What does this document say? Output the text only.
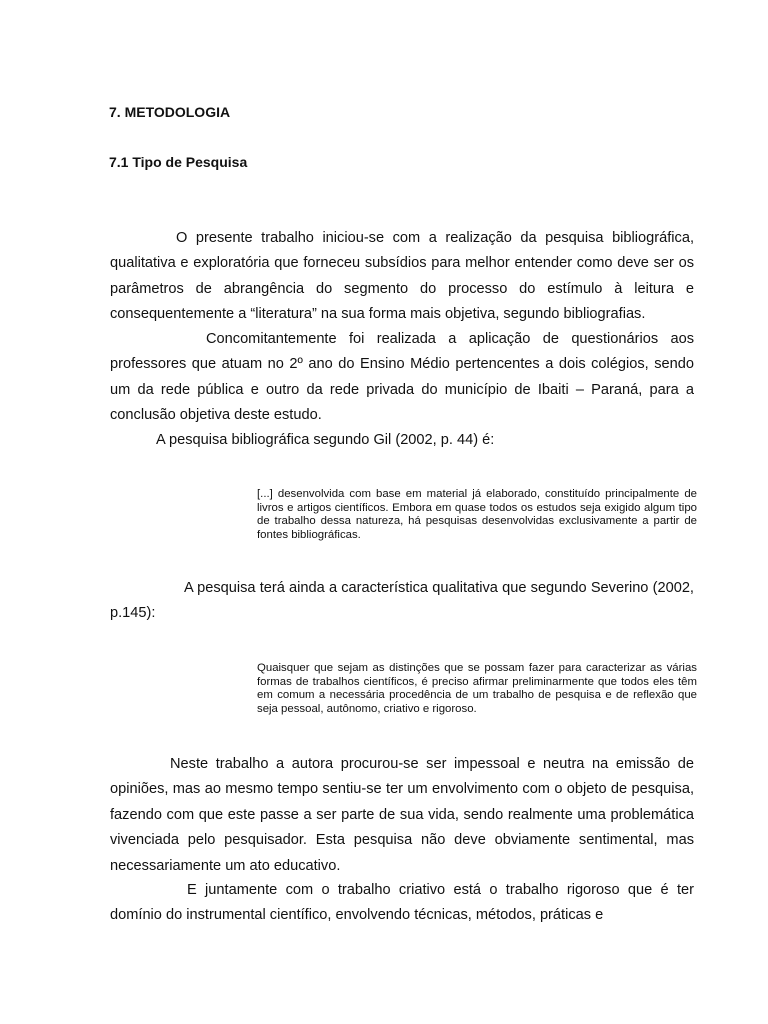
7. METODOLOGIA
7.1 Tipo de Pesquisa

O presente trabalho iniciou-se com a realização da pesquisa bibliográfica, qualitativa e exploratória que forneceu subsídios para melhor entender como deve ser os parâmetros de abrangência do segmento do processo do estímulo à leitura e consequentemente a “literatura” na sua forma mais objetiva, segundo bibliografias.

Concomitantemente foi realizada a aplicação de questionários aos professores que atuam no 2º ano do Ensino Médio pertencentes a dois colégios, sendo um da rede pública e outro da rede privada do município de Ibaiti – Paraná, para a conclusão objetiva deste estudo.

A pesquisa bibliográfica segundo Gil (2002, p. 44) é:

[...] desenvolvida com base em material já elaborado, constituído principalmente de livros e artigos científicos. Embora em quase todos os estudos seja exigido algum tipo de trabalho dessa natureza, há pesquisas desenvolvidas exclusivamente a partir de fontes bibliográficas.

A pesquisa terá ainda a característica qualitativa que segundo Severino (2002, p.145):

Quaisquer que sejam as distinções que se possam fazer para caracterizar as várias formas de trabalhos científicos, é preciso afirmar preliminarmente que todos eles têm em comum a necessária procedência de um trabalho de pesquisa e de reflexão que seja pessoal, autônomo, criativo e rigoroso.

Neste trabalho a autora procurou-se ser impessoal e neutra na emissão de opiniões, mas ao mesmo tempo sentiu-se ter um envolvimento com o objeto de pesquisa, fazendo com que este passe a ser parte de sua vida, sendo realmente uma problemática vivenciada pelo pesquisador. Esta pesquisa não deve obviamente sentimental, mas necessariamente um ato educativo.

E juntamente com o trabalho criativo está o trabalho rigoroso que é ter domínio do instrumental científico, envolvendo técnicas, métodos, práticas e
